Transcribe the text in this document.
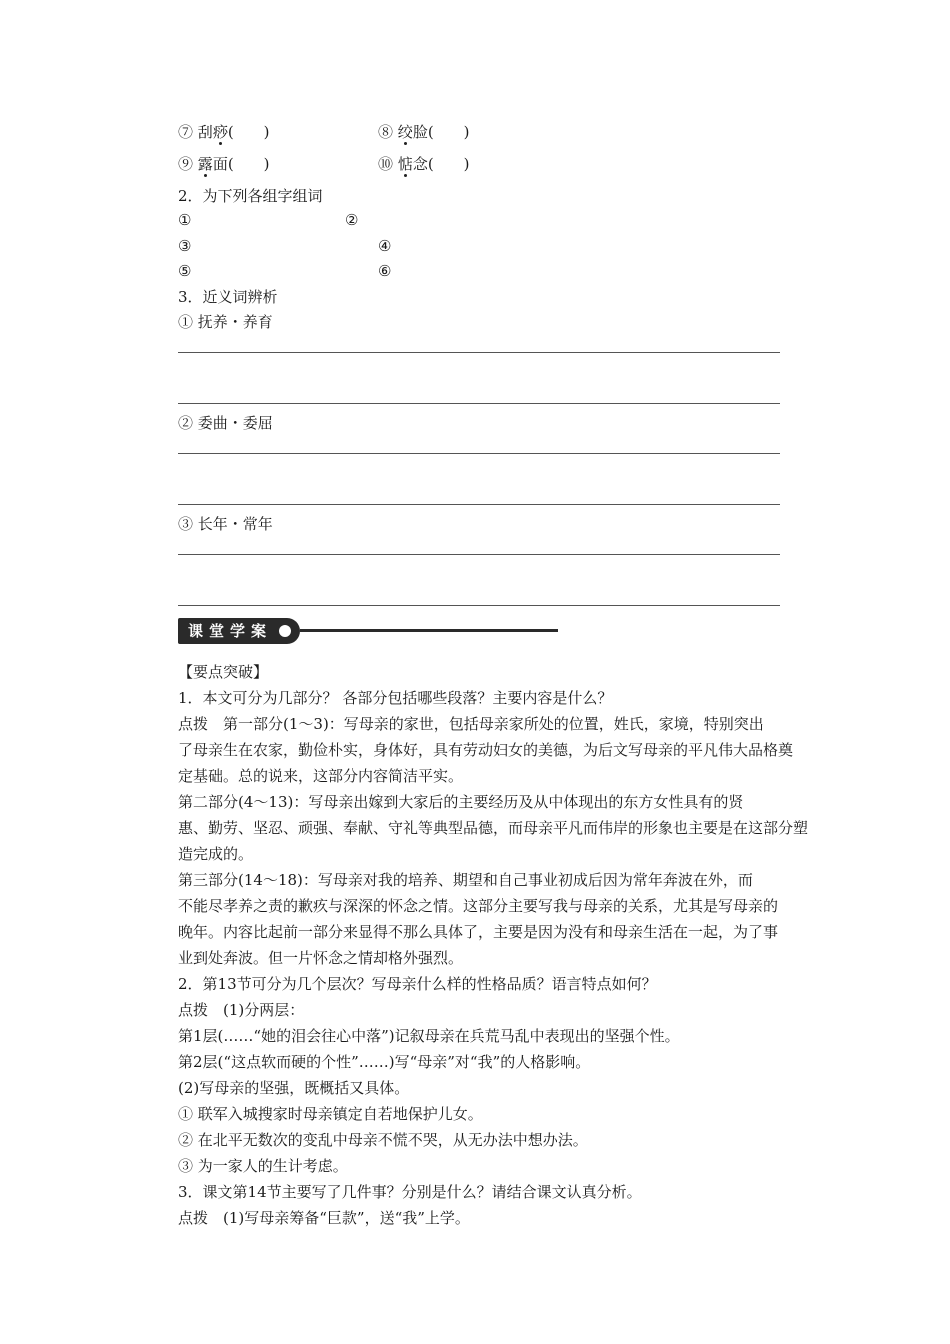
⑦ 刮痧(　　)	⑧ 绞脸(　　)
⑨ 露面(　　)	⑩ 惦念(　　)
2．为下列各组字组词
①	②
③	④
⑤	⑥
3．近义词辨析
① 抚养・养育
② 委曲・委屈
③ 长年・常年
课堂学案
【要点突破】
1．本文可分为几部分？ 各部分包括哪些段落？主要内容是什么？
点拨　第一部分(1～3)：写母亲的家世，包括母亲家所处的位置，姓氏，家境，特别突出
了母亲生在农家，勤俭朴实，身体好，具有劳动妇女的美德，为后文写母亲的平凡伟大品格奠
定基础。总的说来，这部分内容简洁平实。
第二部分(4～13)：写母亲出嫁到大家后的主要经历及从中体现出的东方女性具有的贤
惠、勤劳、坚忍、顽强、奉献、守礼等典型品德，而母亲平凡而伟岸的形象也主要是在这部分塑
造完成的。
第三部分(14～18)：写母亲对我的培养、期望和自己事业初成后因为常年奔波在外，而
不能尽孝养之责的歉疚与深深的怀念之情。这部分主要写我与母亲的关系，尤其是写母亲的
晚年。内容比起前一部分来显得不那么具体了，主要是因为没有和母亲生活在一起，为了事
业到处奔波。但一片怀念之情却格外强烈。
2．第13节可分为几个层次？写母亲什么样的性格品质？语言特点如何？
点拨　(1)分两层：
第1层(……“她的泪会往心中落”)记叙母亲在兵荒马乱中表现出的坚强个性。
第2层(“这点软而硬的个性”……)写“母亲”对“我”的人格影响。
(2)写母亲的坚强，既概括又具体。
① 联军入城搜家时母亲镇定自若地保护儿女。
② 在北平无数次的变乱中母亲不慌不哭，从无办法中想办法。
③ 为一家人的生计考虑。
3．课文第14节主要写了几件事？分别是什么？请结合课文认真分析。
点拨　(1)写母亲筹备“巨款”，送“我”上学。
